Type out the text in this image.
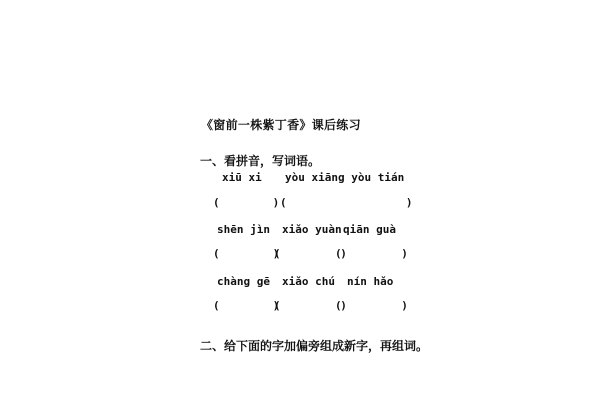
《窗前一株紫丁香》课后练习
一、看拼音，写词语。
xiū xi yòu xiāng yòu tián
(        ) (                  )
shēn jìn xiǎo yuàn qiān guà
(        )
(         )
(         )
chàng gē xiǎo chú nín hǎo
(        )
(         )
(         )
二、给下面的字加偏旁组成新字，再组词。
